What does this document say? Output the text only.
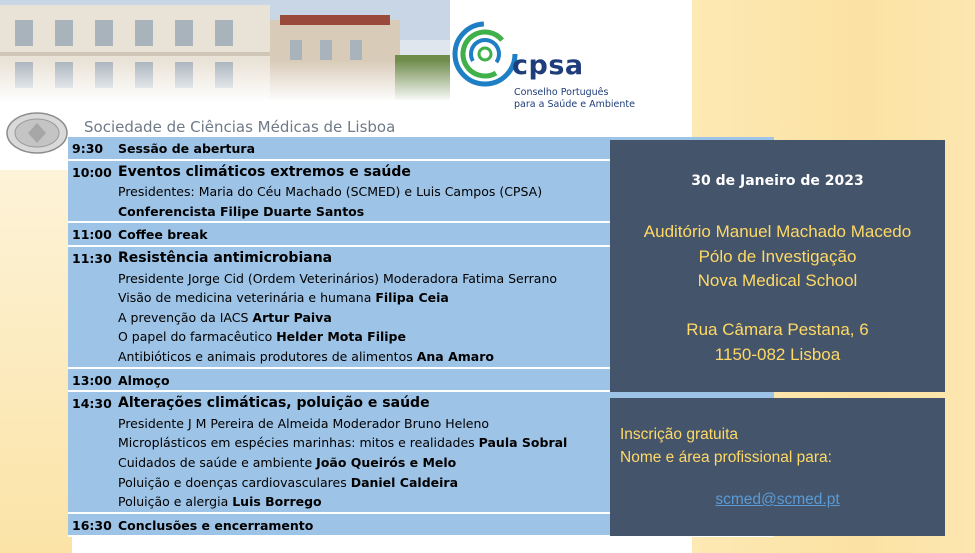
cpsa
Conselho Português
para a Saúde e Ambiente
Sociedade de Ciências Médicas de Lisboa
9:30	Sessão de abertura
10:00 Eventos climáticos extremos e saúde
Presidentes: Maria do Céu Machado (SCMED) e Luis Campos (CPSA)
Conferencista Filipe Duarte Santos
11:00 Coffee break
11:30 Resistência antimicrobiana
Presidente Jorge Cid (Ordem Veterinários) Moderadora Fatima Serrano
Visão de medicina veterinária e humana Filipa Ceia
A prevenção da IACS Artur Paiva
O papel do farmacêutico Helder Mota Filipe
Antibióticos e animais produtores de alimentos Ana Amaro
13:00 Almoço
14:30 Alterações climáticas, poluição e saúde
Presidente J M Pereira de Almeida Moderador Bruno Heleno
Microplásticos em espécies marinhas: mitos e realidades Paula Sobral
Cuidados de saúde e ambiente João Queirós e Melo
Poluição e doenças cardiovasculares Daniel Caldeira
Poluição e alergia Luis Borrego
16:30 Conclusões e encerramento
30 de Janeiro de 2023
Auditório Manuel Machado Macedo
Pólo de Investigação
Nova Medical School
Rua Câmara Pestana, 6
1150-082 Lisboa
Inscrição gratuita
Nome e área profissional para:
scmed@scmed.pt
